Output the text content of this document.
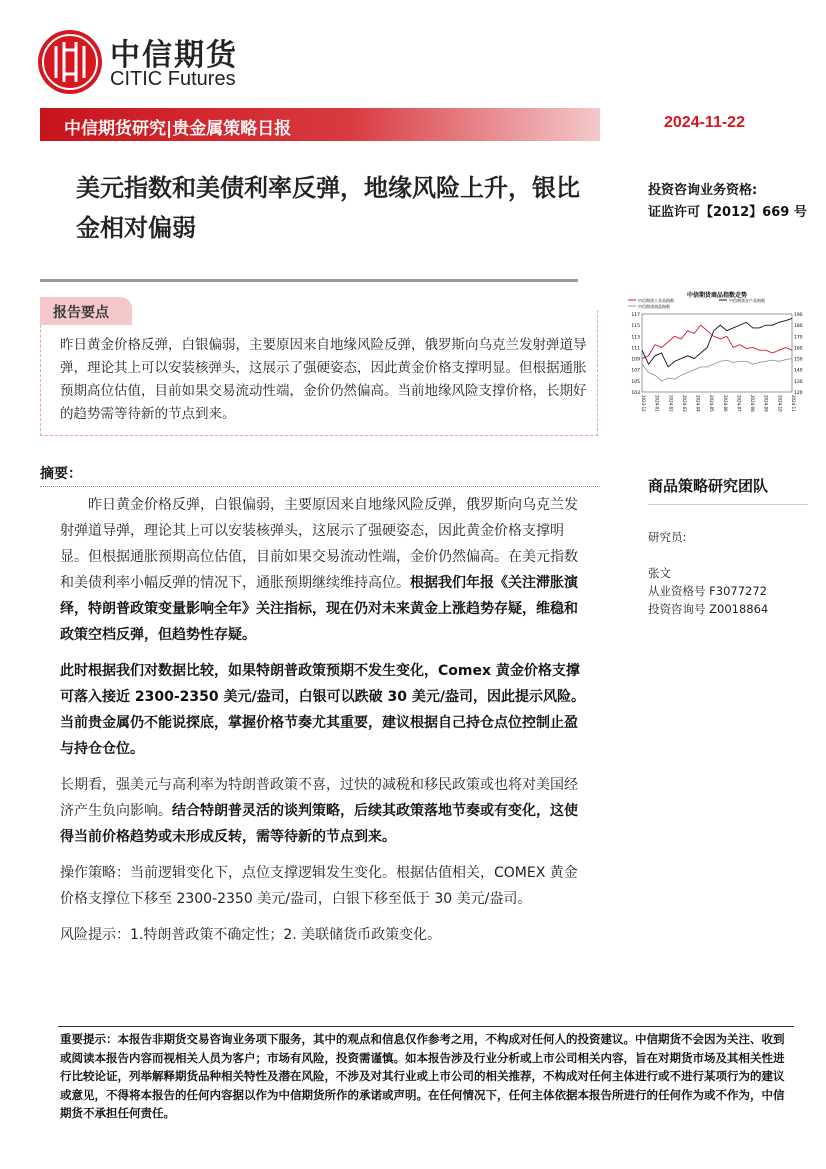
中信期货
CITIC Futures
中信期货研究|贵金属策略日报	2024-11-22
美元指数和美债利率反弹，地缘风险上升，银比金相对偏弱
投资咨询业务资格:
证监许可【2012】669 号
报告要点
昨日黄金价格反弹，白银偏弱，主要原因来自地缘风险反弹，俄罗斯向乌克兰发射弹道导弹，理论其上可以安装核弹头，这展示了强硬姿态，因此黄金价格支撑明显。但根据通胀预期高位估值，目前如果交易流动性端，金价仍然偏高。当前地缘风险支撑价格，长期好的趋势需等待新的节点到来。
中信期货商品指数走势
中信期货工业品指数	中信期货农产品指数
中信期货商品指数
117	190
115	180
113	170
111	160
109	150
107	140
105	130
103	120
2023-12 2024-01 2024-02 2024-03 2024-04 2024-05 2024-06 2024-07 2024-08 2024-09 2024-10 2024-11
摘要：

　　昨日黄金价格反弹，白银偏弱，主要原因来自地缘风险反弹，俄罗斯向乌克兰发射弹道导弹，理论其上可以安装核弹头，这展示了强硬姿态，因此黄金价格支撑明显。但根据通胀预期高位估值，目前如果交易流动性端，金价仍然偏高。在美元指数和美债利率小幅反弹的情况下，通胀预期继续维持高位。根据我们年报《关注滞胀演绎，特朗普政策变量影响全年》关注指标，现在仍对未来黄金上涨趋势存疑，维稳和政策空档反弹，但趋势性存疑。

此时根据我们对数据比较，如果特朗普政策预期不发生变化，Comex 黄金价格支撑可落入接近 2300-2350 美元/盎司，白银可以跌破 30 美元/盎司，因此提示风险。当前贵金属仍不能说探底，掌握价格节奏尤其重要，建议根据自己持仓点位控制止盈与持仓仓位。

长期看，强美元与高利率为特朗普政策不喜，过快的减税和移民政策或也将对美国经济产生负向影响。结合特朗普灵活的谈判策略，后续其政策落地节奏或有变化，这使得当前价格趋势或未形成反转，需等待新的节点到来。

操作策略：当前逻辑变化下，点位支撑逻辑发生变化。根据估值相关，COMEX 黄金价格支撑位下移至 2300-2350 美元/盎司，白银下移至低于 30 美元/盎司。

风险提示：1.特朗普政策不确定性；2. 美联储货币政策变化。

商品策略研究团队
研究员:
张文
从业资格号 F3077272
投资咨询号 Z0018864
重要提示：本报告非期货交易咨询业务项下服务，其中的观点和信息仅作参考之用，不构成对任何人的投资建议。中信期货不会因为关注、收到或阅读本报告内容而视相关人员为客户；市场有风险，投资需谨慎。如本报告涉及行业分析或上市公司相关内容，旨在对期货市场及其相关性进行比较论证，列举解释期货品种相关特性及潜在风险，不涉及对其行业或上市公司的相关推荐，不构成对任何主体进行或不进行某项行为的建议或意见，不得将本报告的任何内容据以作为中信期货所作的承诺或声明。在任何情况下，任何主体依据本报告所进行的任何作为或不作为，中信期货不承担任何责任。
